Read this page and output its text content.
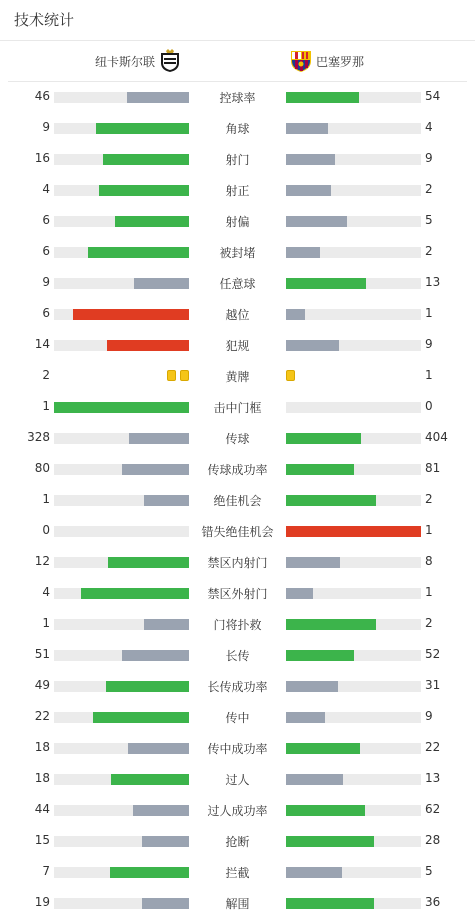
技术统计
纽卡斯尔联	巴塞罗那
46	控球率	54
9	角球	4
16	射门	9
4	射正	2
6	射偏	5
6	被封堵	2
9	任意球	13
6	越位	1
14	犯规	9
2	黄牌	1
1	击中门框	0
328	传球	404
80	传球成功率	81
1	绝佳机会	2
0	错失绝佳机会	1
12	禁区内射门	8
4	禁区外射门	1
1	门将扑救	2
51	长传	52
49	长传成功率	31
22	传中	9
18	传中成功率	22
18	过人	13
44	过人成功率	62
15	抢断	28
7	拦截	5
19	解围	36
